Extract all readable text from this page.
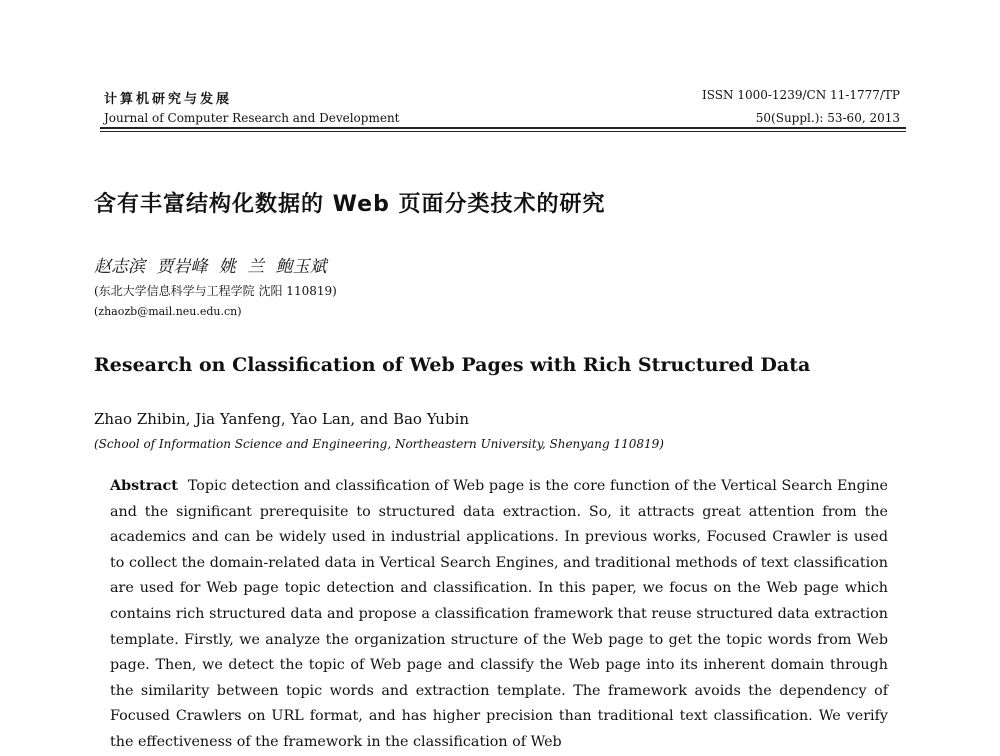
计算机研究与发展
Journal of Computer Research and Development
ISSN 1000-1239/CN 11-1777/TP
50(Suppl.): 53-60, 2013
含有丰富结构化数据的 Web 页面分类技术的研究
赵志滨 贾岩峰 姚 兰 鲍玉斌
(东北大学信息科学与工程学院 沈阳 110819)
(zhaozb@mail.neu.edu.cn)
Research on Classification of Web Pages with Rich Structured Data
Zhao Zhibin, Jia Yanfeng, Yao Lan, and Bao Yubin
(School of Information Science and Engineering, Northeastern University, Shenyang 110819)
Abstract Topic detection and classification of Web page is the core function of the Vertical Search Engine and the significant prerequisite to structured data extraction. So, it attracts great attention from the academics and can be widely used in industrial applications. In previous works, Focused Crawler is used to collect the domain-related data in Vertical Search Engines, and traditional methods of text classification are used for Web page topic detection and classification. In this paper, we focus on the Web page which contains rich structured data and propose a classification framework that reuse structured data extraction template. Firstly, we analyze the organization structure of the Web page to get the topic words from Web page. Then, we detect the topic of Web page and classify the Web page into its inherent domain through the similarity between topic words and extraction template. The framework avoids the dependency of Focused Crawlers on URL format, and has higher precision than traditional text classification. We verify the effectiveness of the framework in the classification of Web
